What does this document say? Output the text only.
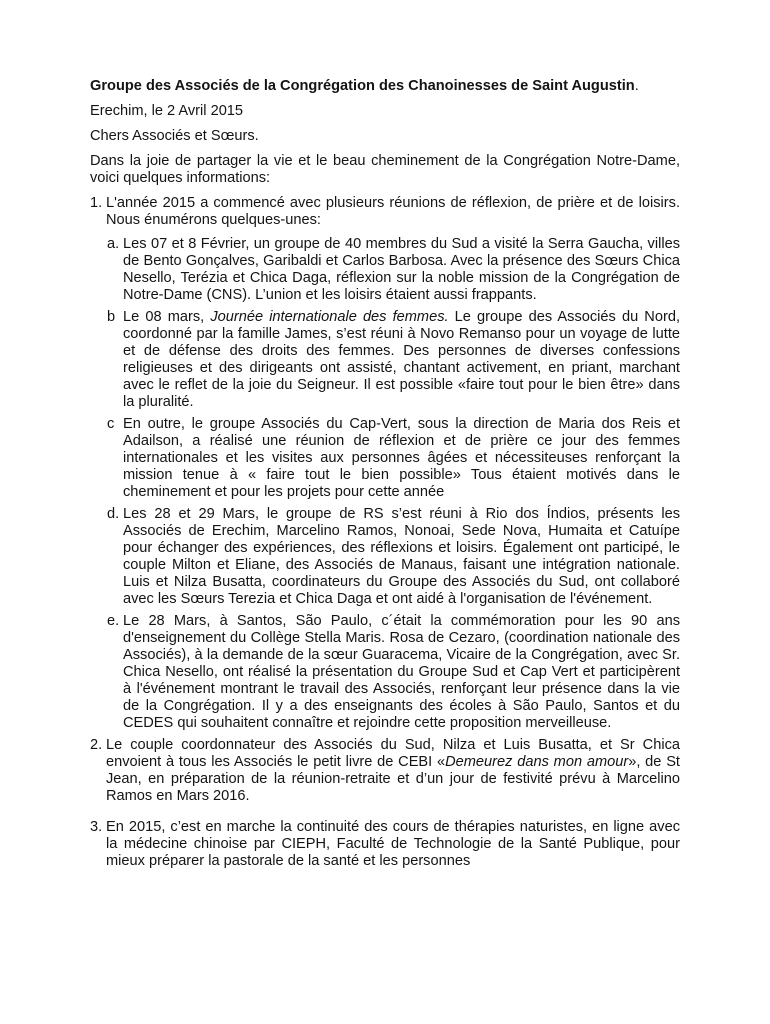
Groupe des Associés de la Congrégation des Chanoinesses de Saint Augustin.

Erechim, le 2 Avril 2015

Chers Associés et Sœurs.

Dans la joie de partager la vie et le beau cheminement de la Congrégation Notre-Dame, voici quelques informations:

1. L'année 2015 a commencé avec plusieurs réunions de réflexion, de prière et de loisirs. Nous énumérons quelques-unes:
a. Les 07 et 8 Février, un groupe de 40 membres du Sud a visité la Serra Gaucha, villes de Bento Gonçalves, Garibaldi et Carlos Barbosa. Avec la présence des Sœurs Chica Nesello, Terézia et Chica Daga, réflexion sur la noble mission de la Congrégation de Notre-Dame (CNS). L’union et les loisirs étaient aussi frappants.
b Le 08 mars, Journée internationale des femmes. Le groupe des Associés du Nord, coordonné par la famille James, s’est réuni à Novo Remanso pour un voyage de lutte et de défense des droits des femmes. Des personnes de diverses confessions religieuses et des dirigeants ont assisté, chantant activement, en priant, marchant avec le reflet de la joie du Seigneur. Il est possible «faire tout pour le bien être» dans la pluralité.
c En outre, le groupe Associés du Cap-Vert, sous la direction de Maria dos Reis et Adailson, a réalisé une réunion de réflexion et de prière ce jour des femmes internationales et les visites aux personnes âgées et nécessiteuses renforçant la mission tenue à « faire tout le bien possible» Tous étaient motivés dans le cheminement et pour les projets pour cette année
d. Les 28 et 29 Mars, le groupe de RS s’est réuni à Rio dos Índios, présents les Associés de Erechim, Marcelino Ramos, Nonoai, Sede Nova, Humaita et Catuípe pour échanger des expériences, des réflexions et loisirs. Également ont participé, le couple Milton et Eliane, des Associés de Manaus, faisant une intégration nationale. Luis et Nilza Busatta, coordinateurs du Groupe des Associés du Sud, ont collaboré avec les Sœurs Terezia et Chica Daga et ont aidé à l'organisation de l'événement.
e. Le 28 Mars, à Santos, São Paulo, c´était la commémoration pour les 90 ans d'enseignement du Collège Stella Maris. Rosa de Cezaro, (coordination nationale des Associés), à la demande de la sœur Guaracema, Vicaire de la Congrégation, avec Sr. Chica Nesello, ont réalisé la présentation du Groupe Sud et Cap Vert et participèrent à l'événement montrant le travail des Associés, renforçant leur présence dans la vie de la Congrégation. Il y a des enseignants des écoles à São Paulo, Santos et du CEDES qui souhaitent connaître et rejoindre cette proposition merveilleuse.
2. Le couple coordonnateur des Associés du Sud, Nilza et Luis Busatta, et Sr Chica envoient à tous les Associés le petit livre de CEBI «Demeurez dans mon amour», de St Jean, en préparation de la réunion-retraite et d’un jour de festivité prévu à Marcelino Ramos en Mars 2016.
3. En 2015, c’est en marche la continuité des cours de thérapies naturistes, en ligne avec la médecine chinoise par CIEPH, Faculté de Technologie de la Santé Publique, pour mieux préparer la pastorale de la santé et les personnes
